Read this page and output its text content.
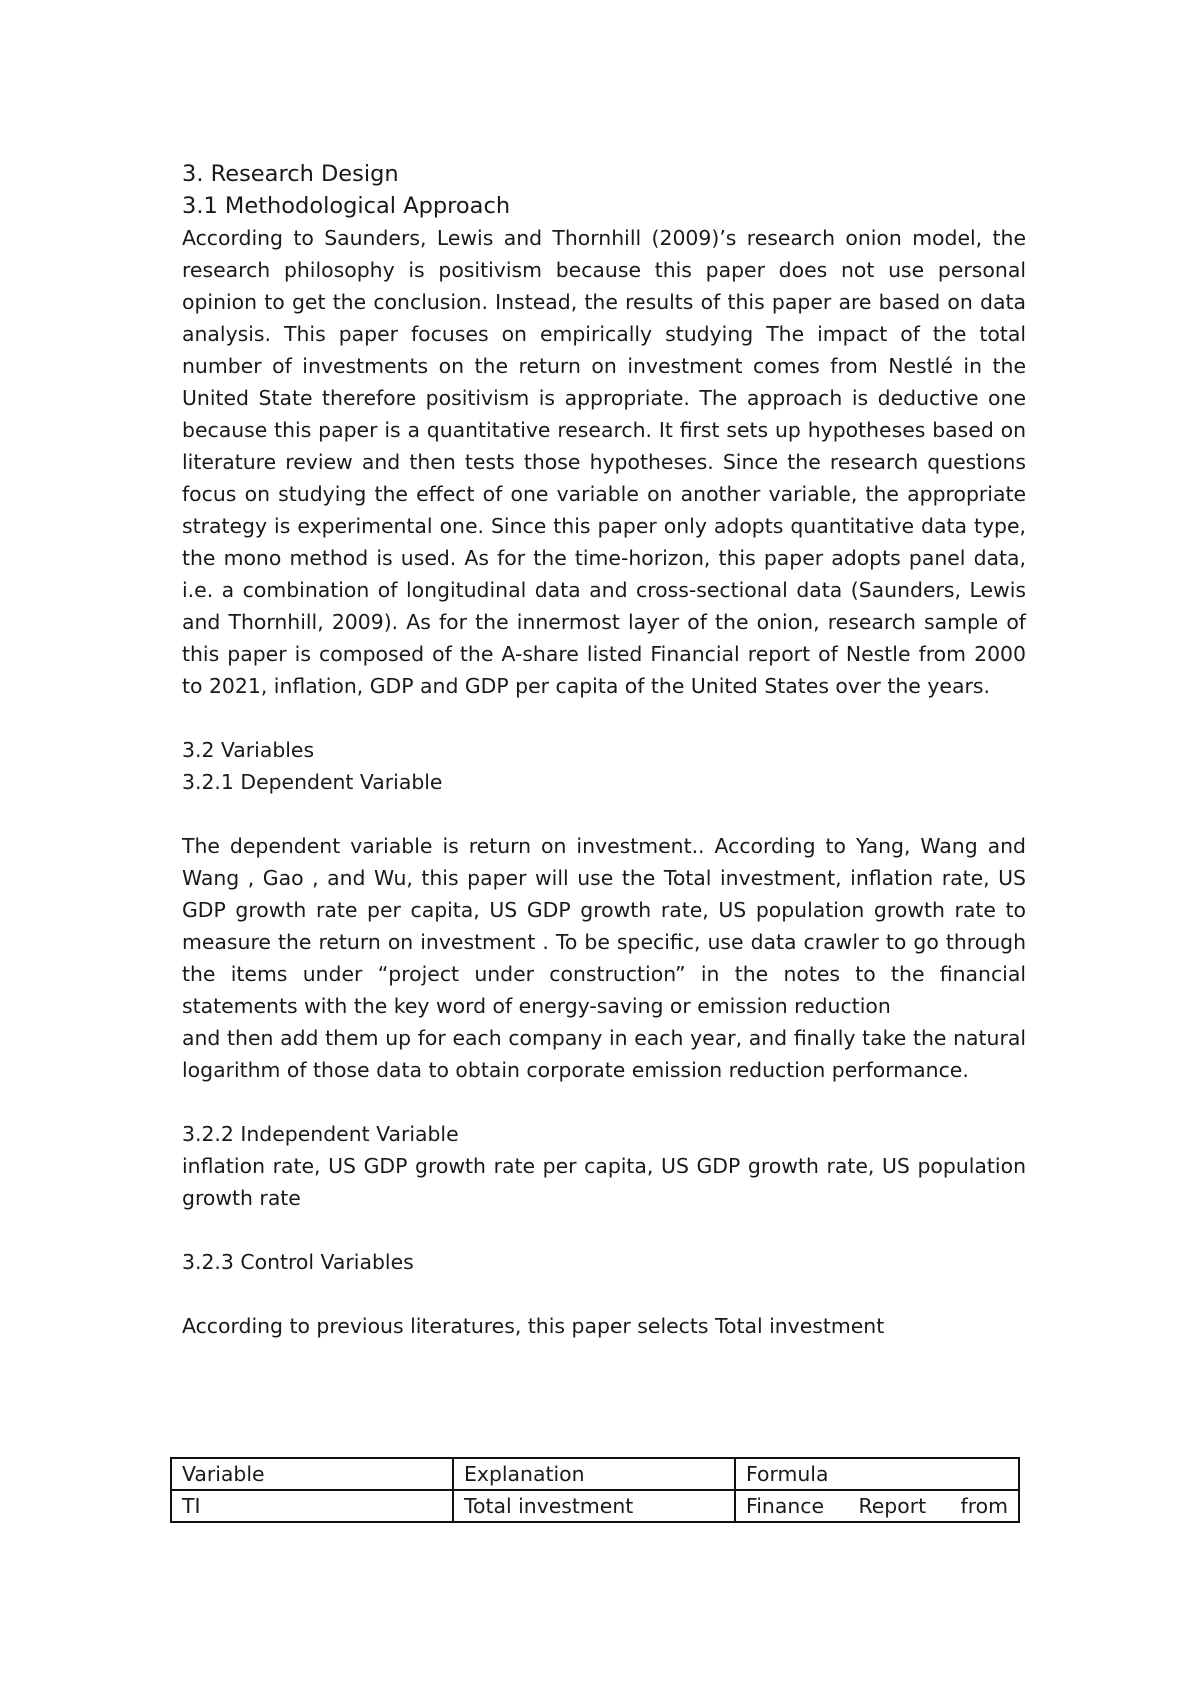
3. Research Design
3.1 Methodological Approach

According to Saunders, Lewis and Thornhill (2009)’s research onion model, the research philosophy is positivism because this paper does not use personal opinion to get the conclusion. Instead, the results of this paper are based on data analysis. This paper focuses on empirically studying The impact of the total number of investments on the return on investment comes from Nestlé in the United State therefore positivism is appropriate. The approach is deductive one because this paper is a quantitative research. It first sets up hypotheses based on literature review and then tests those hypotheses. Since the research questions focus on studying the effect of one variable on another variable, the appropriate strategy is experimental one. Since this paper only adopts quantitative data type, the mono method is used. As for the time-horizon, this paper adopts panel data, i.e. a combination of longitudinal data and cross-sectional data (Saunders, Lewis and Thornhill, 2009). As for the innermost layer of the onion, research sample of this paper is composed of the A-share listed Financial report of Nestle from 2000 to 2021, inflation, GDP and GDP per capita of the United States over the years.

3.2 Variables
3.2.1 Dependent Variable

The dependent variable is return on investment.. According to Yang, Wang and Wang , Gao , and Wu, this paper will use the Total investment, inflation rate, US GDP growth rate per capita, US GDP growth rate, US population growth rate to measure the return on investment . To be specific, use data crawler to go through the items under “project under construction” in the notes to the financial statements with the key word of energy-saving or emission reduction

and then add them up for each company in each year, and finally take the natural logarithm of those data to obtain corporate emission reduction performance.

3.2.2 Independent Variable

inflation rate, US GDP growth rate per capita, US GDP growth rate, US population growth rate

3.2.3 Control Variables

According to previous literatures, this paper selects Total investment

Variable	Explanation	Formula
TI	Total investment	Finance Report from
